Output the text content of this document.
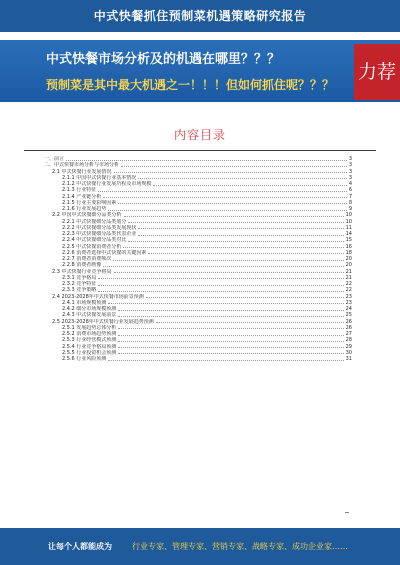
中式快餐抓住预制菜机遇策略研究报告
中式快餐市场分析及的机遇在哪里？？？
预制菜是其中最大机遇之一！！！但如何抓住呢？？？
力荐
内容目录
一、前言	3
二、中式快餐市场分析与市场分析	3
2.1 中式快餐行业发展情况	3
2.1.1 中国中式快餐行业基本情况	3
2.1.2 中式快餐行业发展历程及市场规模	4
2.1.3 行业特征	6
2.1.4 产业链分析	7
2.1.5 行业主要影响因素	8
2.1.6 行业发展趋势	9
2.2 中国中式快餐细分品类分析	10
2.2.1 中式快餐细分品类划分	10
2.2.2 中式快餐细分品类发展现状	11
2.2.3 中式快餐细分品类代表企业	14
2.2.4 中式快餐细分品类对比	15
2.2.5 中式快餐消费者分析	16
2.2.6 消费者选择中式快餐的关键因素	18
2.2.7 消费者消费频次	20
2.2.8 消费者画像	20
2.3 中式快餐行业竞争格局	21
2.3.1 竞争格局	21
2.3.2 竞争特征	22
2.3.3 竞争策略	22
2.4 2023-2028年中式快餐市场前景预测	23
2.4.1 市场规模预测	23
2.4.2 细分市场规模预测	24
2.4.3 中式快餐发展前景	25
2.5 2023-2028年中式快餐行业发展趋势预测	26
2.5.1 发展趋势总体分析	26
2.5.2 消费市场趋势预测	27
2.5.3 行业经营模式预测	28
2.5.4 行业竞争格局预测	29
2.5.5 行业投资机会预测	30
2.5.6 行业风险预测	31
让每个人都能成为	行业专家、管理专家、营销专家、战略专家、成功企业家……
